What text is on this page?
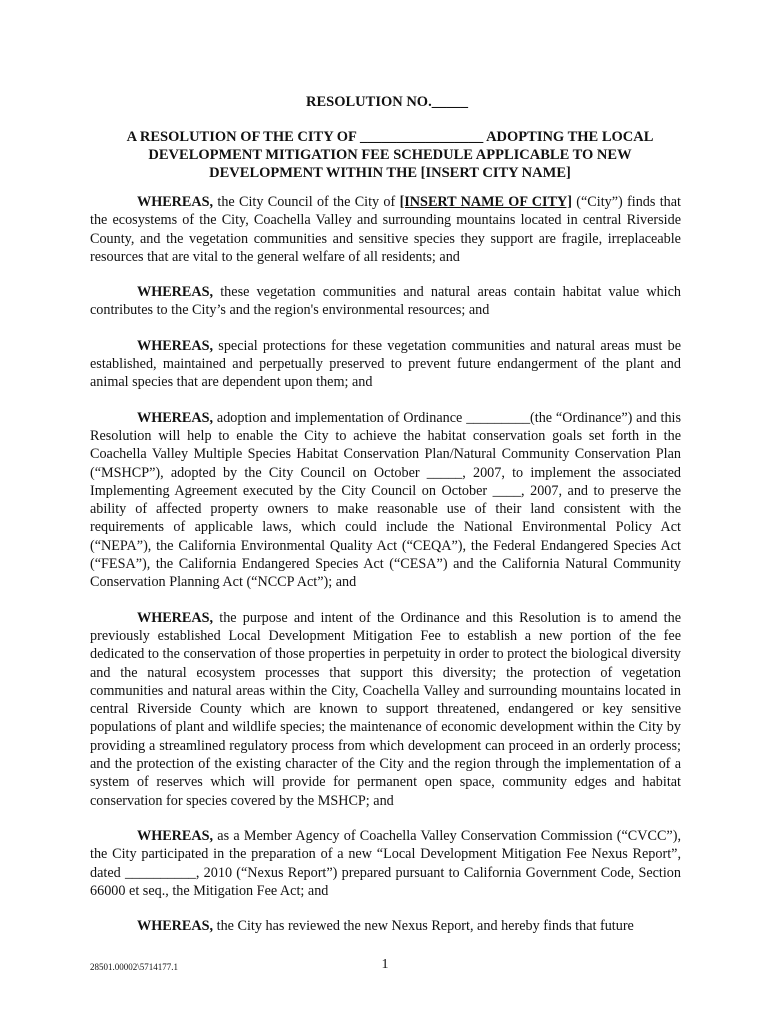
RESOLUTION NO._____
A RESOLUTION OF THE CITY OF _________________ ADOPTING THE LOCAL DEVELOPMENT MITIGATION FEE SCHEDULE APPLICABLE TO NEW DEVELOPMENT WITHIN THE [INSERT CITY NAME]

WHEREAS, the City Council of the City of [INSERT NAME OF CITY] (“City”) finds that the ecosystems of the City, Coachella Valley and surrounding mountains located in central Riverside County, and the vegetation communities and sensitive species they support are fragile, irreplaceable resources that are vital to the general welfare of all residents; and

WHEREAS, these vegetation communities and natural areas contain habitat value which contributes to the City’s and the region's environmental resources; and

WHEREAS, special protections for these vegetation communities and natural areas must be established, maintained and perpetually preserved to prevent future endangerment of the plant and animal species that are dependent upon them; and

WHEREAS, adoption and implementation of Ordinance _________(the “Ordinance”) and this Resolution will help to enable the City to achieve the habitat conservation goals set forth in the Coachella Valley Multiple Species Habitat Conservation Plan/Natural Community Conservation Plan (“MSHCP”), adopted by the City Council on October _____, 2007, to implement the associated Implementing Agreement executed by the City Council on October ____, 2007, and to preserve the ability of affected property owners to make reasonable use of their land consistent with the requirements of applicable laws, which could include the National Environmental Policy Act (“NEPA”), the California Environmental Quality Act (“CEQA”), the Federal Endangered Species Act (“FESA”), the California Endangered Species Act (“CESA”) and the California Natural Community Conservation Planning Act (“NCCP Act”); and

WHEREAS, the purpose and intent of the Ordinance and this Resolution is to amend the previously established Local Development Mitigation Fee to establish a new portion of the fee dedicated to the conservation of those properties in perpetuity in order to protect the biological diversity and the natural ecosystem processes that support this diversity; the protection of vegetation communities and natural areas within the City, Coachella Valley and surrounding mountains located in central Riverside County which are known to support threatened, endangered or key sensitive populations of plant and wildlife species; the maintenance of economic development within the City by providing a streamlined regulatory process from which development can proceed in an orderly process; and the protection of the existing character of the City and the region through the implementation of a system of reserves which will provide for permanent open space, community edges and habitat conservation for species covered by the MSHCP; and

WHEREAS, as a Member Agency of Coachella Valley Conservation Commission (“CVCC”), the City participated in the preparation of a new “Local Development Mitigation Fee Nexus Report”, dated __________, 2010 (“Nexus Report”) prepared pursuant to California Government Code, Section 66000 et seq., the Mitigation Fee Act; and

WHEREAS, the City has reviewed the new Nexus Report, and hereby finds that future

28501.00002\5714177.1	1
